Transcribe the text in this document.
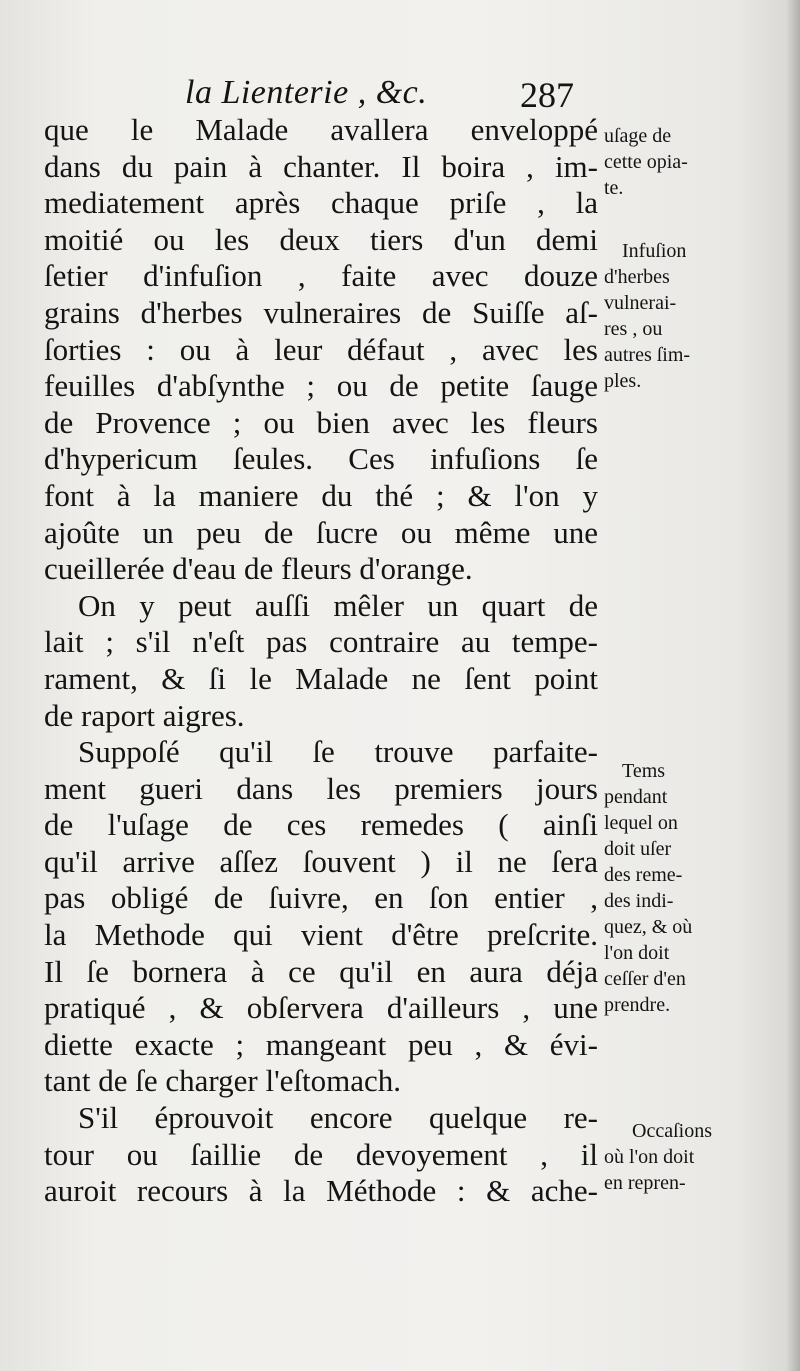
la Lienterie , &c.	287
que le Malade avallera enveloppé
dans du pain à chanter. Il boira , im-
mediatement après chaque priſe , la
moitié ou les deux tiers d'un demi
ſetier d'infuſion , faite avec douze
grains d'herbes vulneraires de Suiſſe aſ-
ſorties : ou à leur défaut , avec les
feuilles d'abſynthe ; ou de petite ſauge
de Provence ; ou bien avec les fleurs
d'hypericum ſeules. Ces infuſions ſe
font à la maniere du thé ; & l'on y
ajoûte un peu de ſucre ou même une
cueillerée d'eau de fleurs d'orange.
On y peut auſſi mêler un quart de
lait ; s'il n'eſt pas contraire au tempe-
rament, & ſi le Malade ne ſent point
de raport aigres.
Suppoſé qu'il ſe trouve parfaite-
ment gueri dans les premiers jours
de l'uſage de ces remedes ( ainſi
qu'il arrive aſſez ſouvent ) il ne ſera
pas obligé de ſuivre, en ſon entier ,
la Methode qui vient d'être preſcrite.
Il ſe bornera à ce qu'il en aura déja
pratiqué , & obſervera d'ailleurs , une
diette exacte ; mangeant peu , & évi-
tant de ſe charger l'eſtomach.
S'il éprouvoit encore quelque re-
tour ou ſaillie de devoyement , il
auroit recours à la Méthode : & ache-
uſage de
cette opia-
te.
Infuſion
d'herbes
vulnerai-
res , ou
autres ſim-
ples.
Tems
pendant
lequel on
doit uſer
des reme-
des indi-
quez, & où
l'on doit
ceſſer d'en
prendre.
Occaſions
où l'on doit
en repren-
